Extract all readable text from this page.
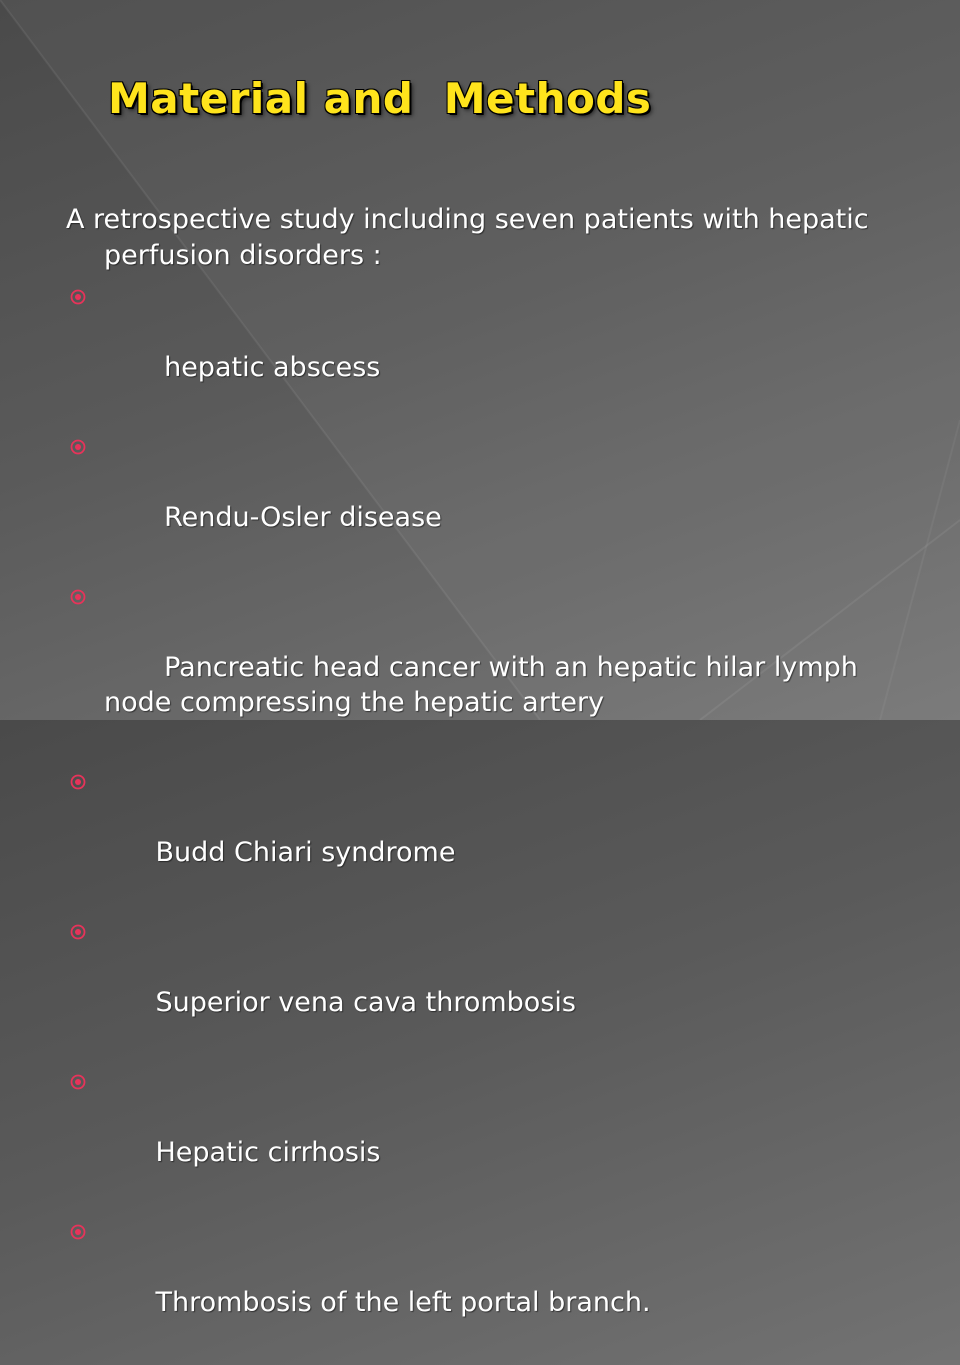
Material and  Methods

A retrospective study including seven patients with hepatic perfusion disorders :

hepatic abscess

Rendu-Osler disease

Pancreatic head cancer with an hepatic hilar lymph node compressing the hepatic artery

Budd Chiari syndrome

Superior vena cava thrombosis

Hepatic cirrhosis

Thrombosis of the left portal branch.
